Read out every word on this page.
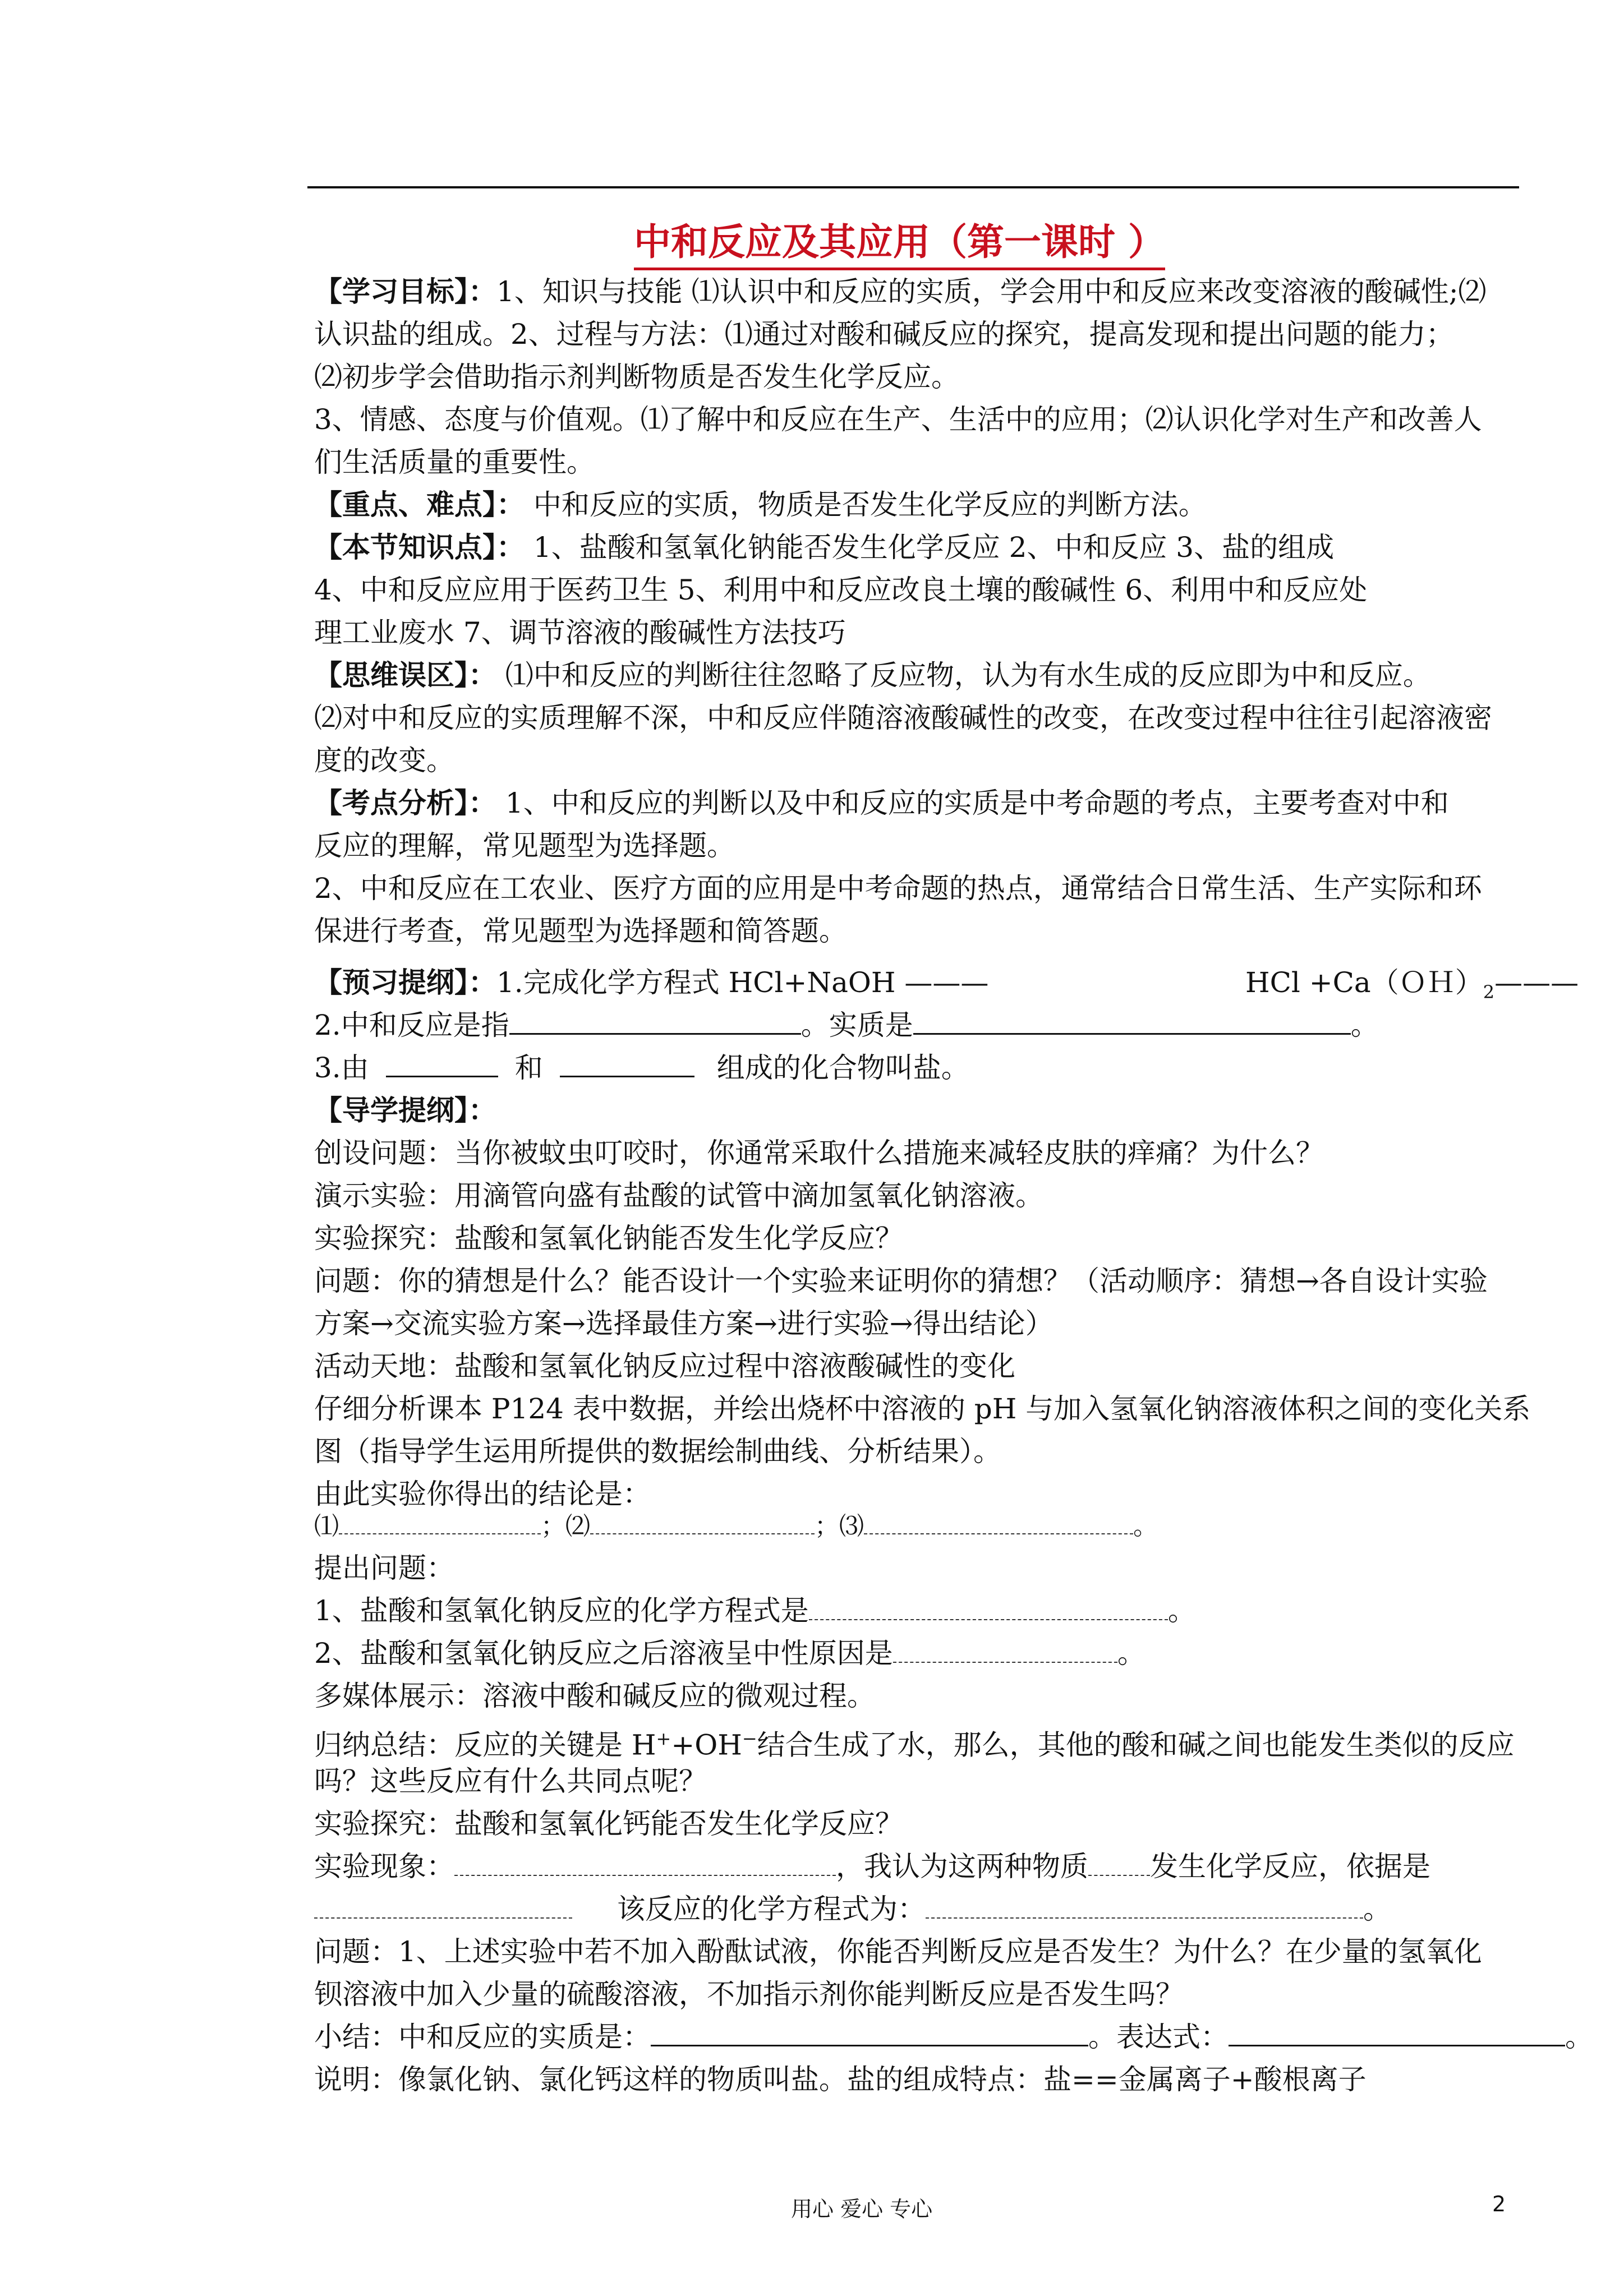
中和反应及其应用（第一课时 ）
【学习目标】：1、知识与技能 ⑴认识中和反应的实质，学会用中和反应来改变溶液的酸碱性;⑵
认识盐的组成。2、过程与方法：⑴通过对酸和碱反应的探究，提高发现和提出问题的能力；
⑵初步学会借助指示剂判断物质是否发生化学反应。
3、情感、态度与价值观。⑴了解中和反应在生产、生活中的应用；⑵认识化学对生产和改善人
们生活质量的重要性。
【重点、难点】： 中和反应的实质，物质是否发生化学反应的判断方法。
【本节知识点】： 1、盐酸和氢氧化钠能否发生化学反应 2、中和反应 3、盐的组成
4、中和反应应用于医药卫生 5、利用中和反应改良土壤的酸碱性 6、利用中和反应处
理工业废水 7、调节溶液的酸碱性方法技巧
【思维误区】： ⑴中和反应的判断往往忽略了反应物，认为有水生成的反应即为中和反应。
⑵对中和反应的实质理解不深，中和反应伴随溶液酸碱性的改变，在改变过程中往往引起溶液密
度的改变。
【考点分析】： 1、中和反应的判断以及中和反应的实质是中考命题的考点，主要考查对中和
反应的理解，常见题型为选择题。
2、中和反应在工农业、医疗方面的应用是中考命题的热点，通常结合日常生活、生产实际和环
保进行考查，常见题型为选择题和简答题。
【预习提纲】：1.完成化学方程式 HCl+NaOH ———	HCl $+Ca(OH)_2———$
2.中和反应是指	。实质是	。
3.由	和	组成的化合物叫盐。
【导学提纲】：
创设问题：当你被蚊虫叮咬时，你通常采取什么措施来减轻皮肤的痒痛？为什么？
演示实验：用滴管向盛有盐酸的试管中滴加氢氧化钠溶液。
实验探究：盐酸和氢氧化钠能否发生化学反应？
问题：你的猜想是什么？能否设计一个实验来证明你的猜想？（活动顺序：猜想→各自设计实验
方案→交流实验方案→选择最佳方案→进行实验→得出结论）
活动天地：盐酸和氢氧化钠反应过程中溶液酸碱性的变化
仔细分析课本 P124 表中数据，并绘出烧杯中溶液的 pH 与加入氢氧化钠溶液体积之间的变化关系
图（指导学生运用所提供的数据绘制曲线、分析结果）。
由此实验你得出的结论是：
⑴	；⑵	；⑶	。
提出问题：
1、盐酸和氢氧化钠反应的化学方程式是	。
2、盐酸和氢氧化钠反应之后溶液呈中性原因是	。
多媒体展示：溶液中酸和碱反应的微观过程。
归纳总结：反应的关键是 H++OH−结合生成了水，那么，其他的酸和碱之间也能发生类似的反应
吗？这些反应有什么共同点呢？
实验探究：盐酸和氢氧化钙能否发生化学反应？
实验现象：	，我认为这两种物质 发生化学反应，依据是
该反应的化学方程式为：	。
问题：1、上述实验中若不加入酚酞试液，你能否判断反应是否发生？为什么？在少量的氢氧化
钡溶液中加入少量的硫酸溶液，不加指示剂你能判断反应是否发生吗？
小结：中和反应的实质是：	。表达式：	。
说明：像氯化钠、氯化钙这样的物质叫盐。盐的组成特点：盐==金属离子+酸根离子
用心 爱心 专心	2
